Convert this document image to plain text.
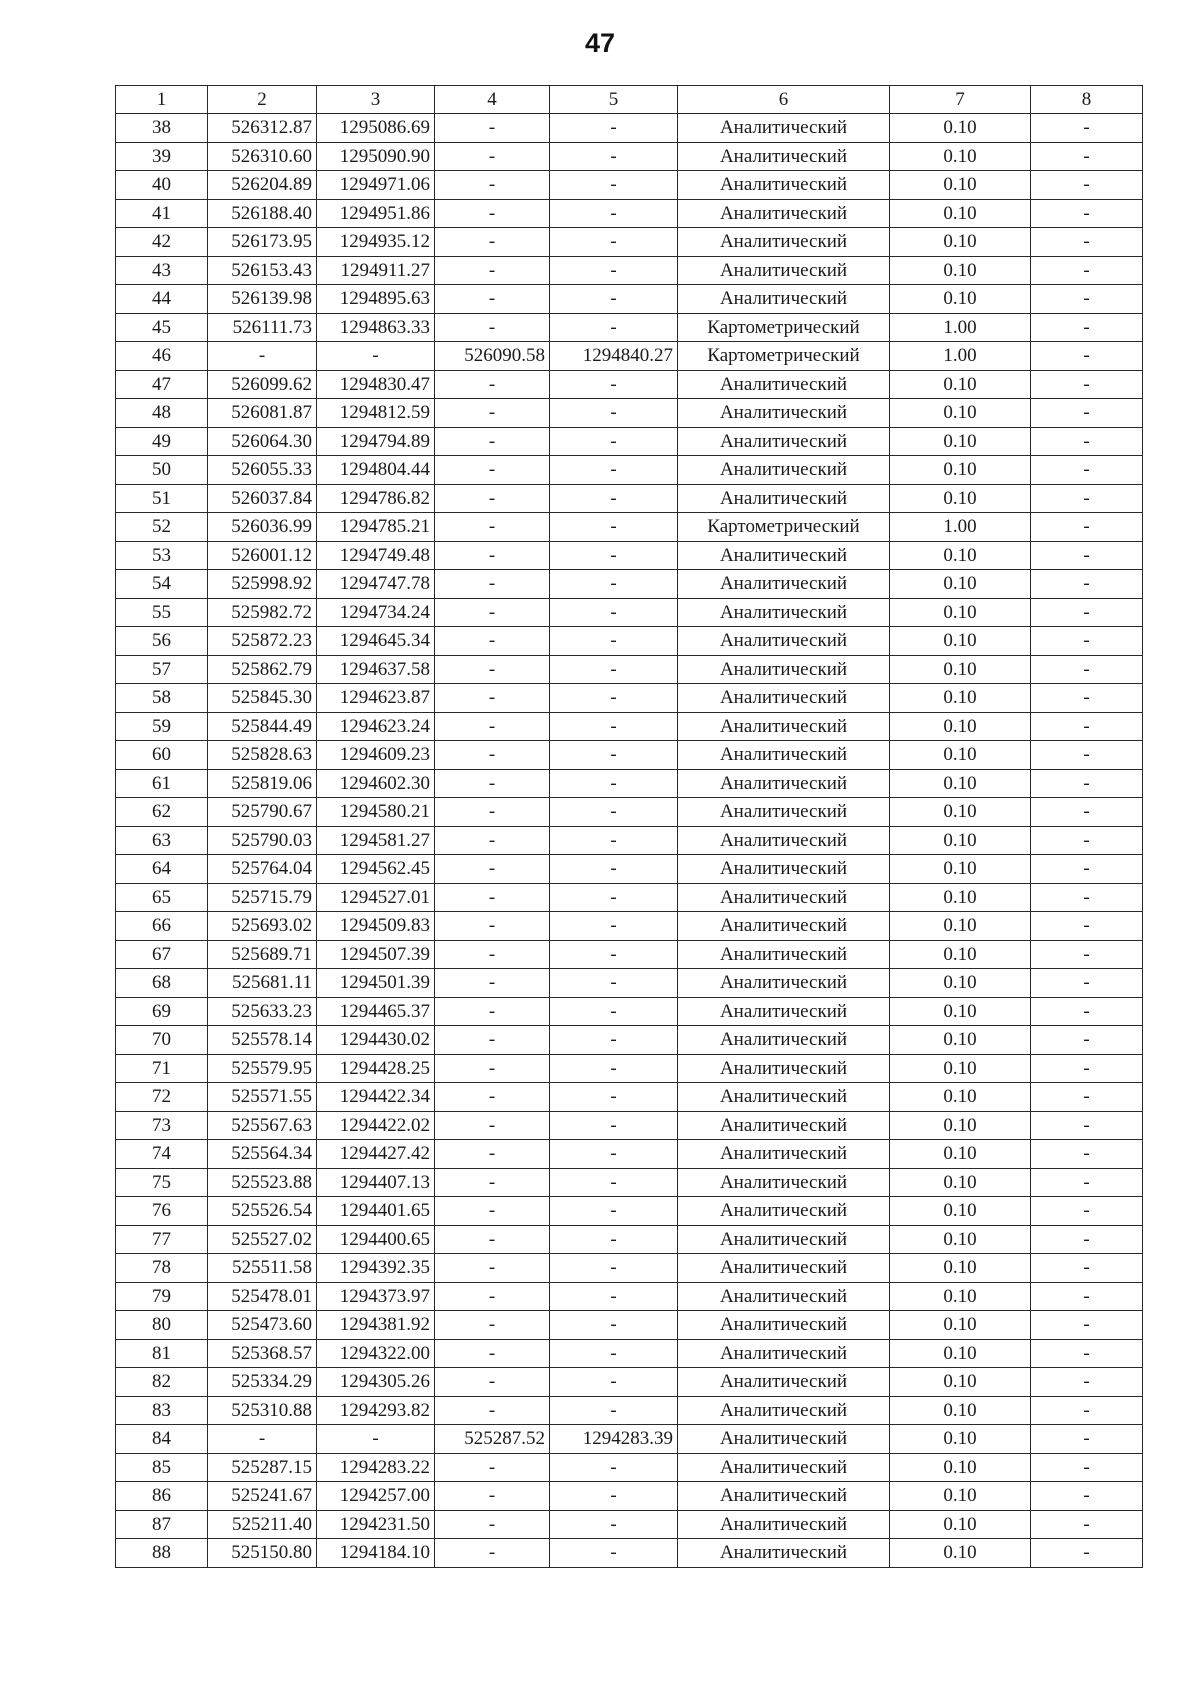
47
1	2	3	4	5	6	7	8
38	526312.87	1295086.69	-	-	Аналитический	0.10	-
39	526310.60	1295090.90	-	-	Аналитический	0.10	-
40	526204.89	1294971.06	-	-	Аналитический	0.10	-
41	526188.40	1294951.86	-	-	Аналитический	0.10	-
42	526173.95	1294935.12	-	-	Аналитический	0.10	-
43	526153.43	1294911.27	-	-	Аналитический	0.10	-
44	526139.98	1294895.63	-	-	Аналитический	0.10	-
45	526111.73	1294863.33	-	-	Картометрический	1.00	-
46	-	-	526090.58	1294840.27	Картометрический	1.00	-
47	526099.62	1294830.47	-	-	Аналитический	0.10	-
48	526081.87	1294812.59	-	-	Аналитический	0.10	-
49	526064.30	1294794.89	-	-	Аналитический	0.10	-
50	526055.33	1294804.44	-	-	Аналитический	0.10	-
51	526037.84	1294786.82	-	-	Аналитический	0.10	-
52	526036.99	1294785.21	-	-	Картометрический	1.00	-
53	526001.12	1294749.48	-	-	Аналитический	0.10	-
54	525998.92	1294747.78	-	-	Аналитический	0.10	-
55	525982.72	1294734.24	-	-	Аналитический	0.10	-
56	525872.23	1294645.34	-	-	Аналитический	0.10	-
57	525862.79	1294637.58	-	-	Аналитический	0.10	-
58	525845.30	1294623.87	-	-	Аналитический	0.10	-
59	525844.49	1294623.24	-	-	Аналитический	0.10	-
60	525828.63	1294609.23	-	-	Аналитический	0.10	-
61	525819.06	1294602.30	-	-	Аналитический	0.10	-
62	525790.67	1294580.21	-	-	Аналитический	0.10	-
63	525790.03	1294581.27	-	-	Аналитический	0.10	-
64	525764.04	1294562.45	-	-	Аналитический	0.10	-
65	525715.79	1294527.01	-	-	Аналитический	0.10	-
66	525693.02	1294509.83	-	-	Аналитический	0.10	-
67	525689.71	1294507.39	-	-	Аналитический	0.10	-
68	525681.11	1294501.39	-	-	Аналитический	0.10	-
69	525633.23	1294465.37	-	-	Аналитический	0.10	-
70	525578.14	1294430.02	-	-	Аналитический	0.10	-
71	525579.95	1294428.25	-	-	Аналитический	0.10	-
72	525571.55	1294422.34	-	-	Аналитический	0.10	-
73	525567.63	1294422.02	-	-	Аналитический	0.10	-
74	525564.34	1294427.42	-	-	Аналитический	0.10	-
75	525523.88	1294407.13	-	-	Аналитический	0.10	-
76	525526.54	1294401.65	-	-	Аналитический	0.10	-
77	525527.02	1294400.65	-	-	Аналитический	0.10	-
78	525511.58	1294392.35	-	-	Аналитический	0.10	-
79	525478.01	1294373.97	-	-	Аналитический	0.10	-
80	525473.60	1294381.92	-	-	Аналитический	0.10	-
81	525368.57	1294322.00	-	-	Аналитический	0.10	-
82	525334.29	1294305.26	-	-	Аналитический	0.10	-
83	525310.88	1294293.82	-	-	Аналитический	0.10	-
84	-	-	525287.52	1294283.39	Аналитический	0.10	-
85	525287.15	1294283.22	-	-	Аналитический	0.10	-
86	525241.67	1294257.00	-	-	Аналитический	0.10	-
87	525211.40	1294231.50	-	-	Аналитический	0.10	-
88	525150.80	1294184.10	-	-	Аналитический	0.10	-
